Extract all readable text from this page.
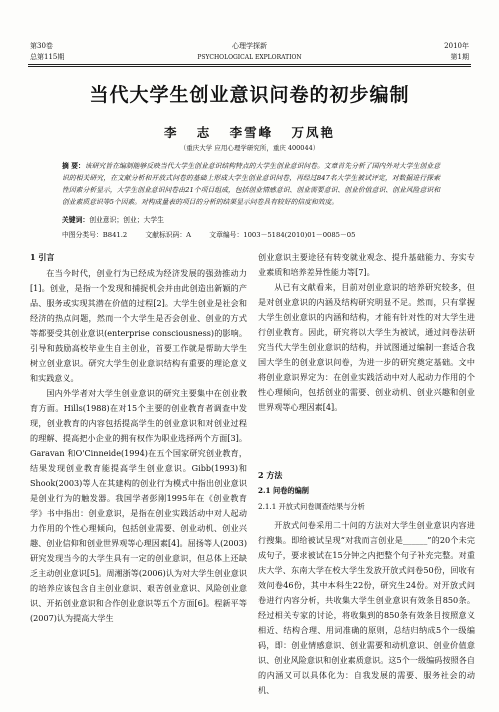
第30卷
总第115期
心理学探新
PSYCHOLOGICAL EXPLORATION
2010年
第1期
当代大学生创业意识问卷的初步编制
李 志 李雪峰 万凤艳
（重庆大学 应用心理学研究所，重庆 400044）
摘 要：该研究旨在编制能够反映当代大学生创业意识结构特点的大学生创业意识问卷。文章首先分析了国内外对大学生创业意识的相关研究，在文献分析和开放式问卷的基础上形成大学生创业意识问卷，再经过847名大学生被试评定，对数据进行探索性因素分析显示，大学生创业意识问卷由21个项目组成，包括创业情感意识、创业需要意识、创业价值意识、创业风险意识和创业素质意识等5个因素。对构成量表的项目的分析的结果显示问卷具有较好的信度和效度。
关键词：创业意识；创业；大学生
中图分类号：B841.2	文献标识码：A	文章编号：1003－5184(2010)01－0085－05
1 引言

在当今时代，创业行为已经成为经济发展的强劲推动力[1]。创业，是指一个发现和捕捉机会并由此创造出新颖的产品、服务或实现其潜在价值的过程[2]。大学生创业是社会和经济的热点问题，然而一个大学生是否会创业、创业的方式等都要受其创业意识(enterprise consciousness)的影响。引导和鼓励高校毕业生自主创业，首要工作就是帮助大学生树立创业意识。研究大学生创业意识结构有重要的理论意义和实践意义。

国内外学者对大学生创业意识的研究主要集中在创业教育方面。Hills(1988)在对15个主要的创业教育者调查中发现，创业教育的内容包括提高学生的创业意识和对创业过程的理解、提高把小企业的拥有权作为职业选择两个方面[3]。Garavan 和O'Cinneide(1994)在五个国家研究创业教育，结果发现创业教育能提高学生创业意识。Gibb(1993)和Shook(2003)等人在其建构的创业行为模式中指出创业意识是创业行为的触发器。我国学者彭刚1995年在《创业教育学》书中指出：创业意识，是指在创业实践活动中对人起动力作用的个性心理倾向，包括创业需要、创业动机、创业兴趣、创业信仰和创业世界观等心理因素[4]。屈扬等人(2003)研究发现当今的大学生具有一定的创业意识，但总体上还缺乏主动创业意识[5]。周湘浙等(2006)认为对大学生创业意识的培养应该包含自主创业意识、艰苦创业意识、风险创业意识、开拓创业意识和合作创业意识等五个方面[6]。程新平等(2007)认为提高大学生

创业意识主要途径有转变就业观念、提升基础能力、夯实专业素质和培养差异性能力等[7]。

从已有文献看来，目前对创业意识的培养研究较多，但是对创业意识的内涵及结构研究明显不足。然而，只有掌握大学生创业意识的内涵和结构，才能有针对性的对大学生进行创业教育。因此，研究将以大学生为被试，通过问卷法研究当代大学生创业意识的结构，并试图通过编制一套适合我国大学生的创业意识问卷，为进一步的研究奠定基础。文中将创业意识界定为：在创业实践活动中对人起动力作用的个性心理倾向，包括创业的需要、创业动机、创业兴趣和创业世界观等心理因素[4]。

2 方法
2.1 问卷的编制
2.1.1 开放式问卷调查结果与分析

开放式问卷采用二十问的方法对大学生创业意识内容进行搜集。即给被试呈现“对我而言创业是______”的20个未完成句子，要求被试在15分钟之内把整个句子补充完整。对重庆大学、东南大学在校大学生发放开放式问卷50份，回收有效问卷46份，其中本科生22份，研究生24份。对开放式问卷进行内容分析，共收集大学生创业意识有效条目850条。经过相关专家的讨论，将收集到的850条有效条目按照意义相近、结构合理、用词准确的原则，总结归纳成5个一级编码，即：创业情感意识、创业需要和动机意识、创业价值意识、创业风险意识和创业素质意识。这5个一级编码按照各自的内涵又可以具体化为：自我发展的需要、服务社会的动机、
